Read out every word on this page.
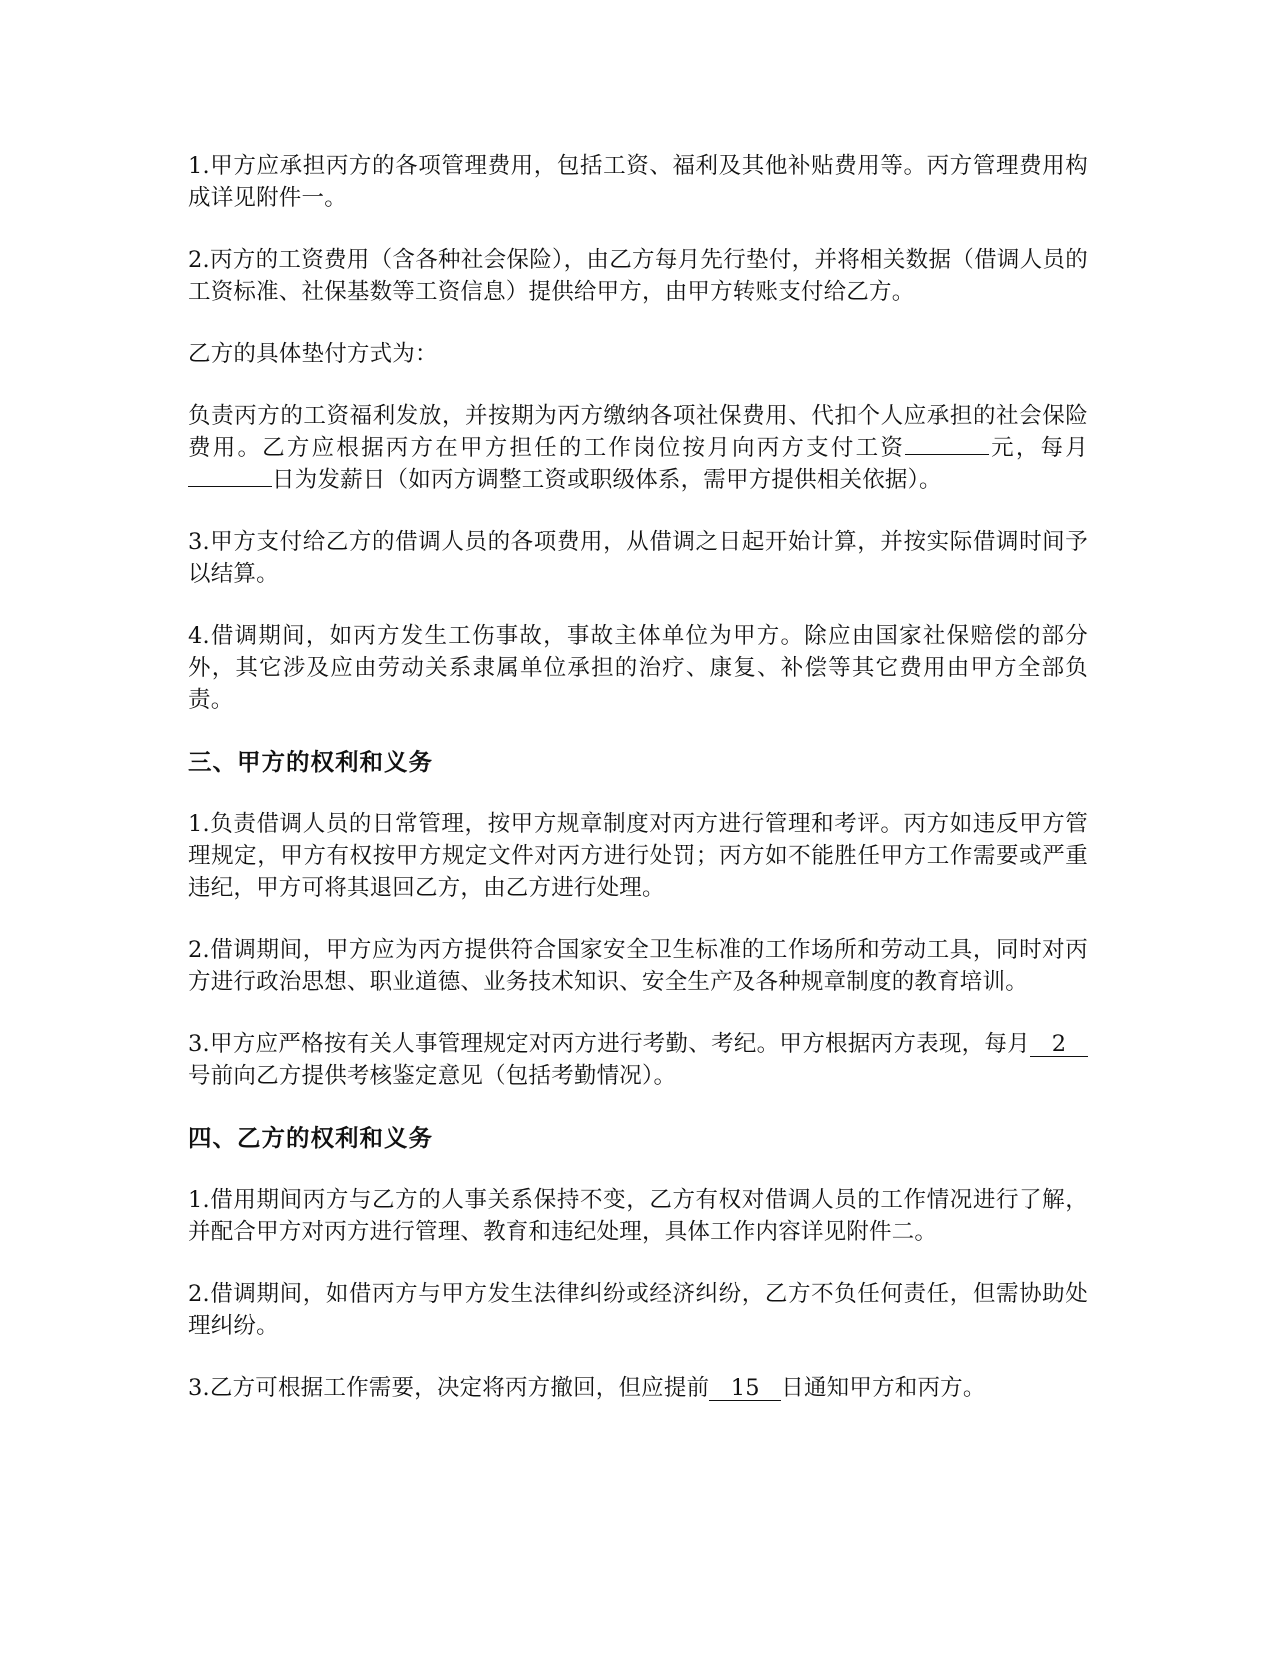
1.甲方应承担丙方的各项管理费用，包括工资、福利及其他补贴费用等。丙方管理费用构成详见附件一。

2.丙方的工资费用（含各种社会保险），由乙方每月先行垫付，并将相关数据（借调人员的工资标准、社保基数等工资信息）提供给甲方，由甲方转账支付给乙方。

乙方的具体垫付方式为：

负责丙方的工资福利发放，并按期为丙方缴纳各项社保费用、代扣个人应承担的社会保险费用。乙方应根据丙方在甲方担任的工作岗位按月向丙方支付工资	元，每月日为发薪日（如丙方调整工资或职级体系，需甲方提供相关依据）。

3.甲方支付给乙方的借调人员的各项费用，从借调之日起开始计算，并按实际借调时间予以结算。

4.借调期间，如丙方发生工伤事故，事故主体单位为甲方。除应由国家社保赔偿的部分外，其它涉及应由劳动关系隶属单位承担的治疗、康复、补偿等其它费用由甲方全部负责。

三、甲方的权利和义务

1.负责借调人员的日常管理，按甲方规章制度对丙方进行管理和考评。丙方如违反甲方管理规定，甲方有权按甲方规定文件对丙方进行处罚；丙方如不能胜任甲方工作需要或严重违纪，甲方可将其退回乙方，由乙方进行处理。

2.借调期间，甲方应为丙方提供符合国家安全卫生标准的工作场所和劳动工具，同时对丙方进行政治思想、职业道德、业务技术知识、安全生产及各种规章制度的教育培训。

3.甲方应严格按有关人事管理规定对丙方进行考勤、考纪。甲方根据丙方表现，每月 2号前向乙方提供考核鉴定意见（包括考勤情况）。

四、乙方的权利和义务

1.借用期间丙方与乙方的人事关系保持不变，乙方有权对借调人员的工作情况进行了解，并配合甲方对丙方进行管理、教育和违纪处理，具体工作内容详见附件二。

2.借调期间，如借丙方与甲方发生法律纠纷或经济纠纷，乙方不负任何责任，但需协助处理纠纷。

3.乙方可根据工作需要，决定将丙方撤回，但应提前 15 日通知甲方和丙方。
